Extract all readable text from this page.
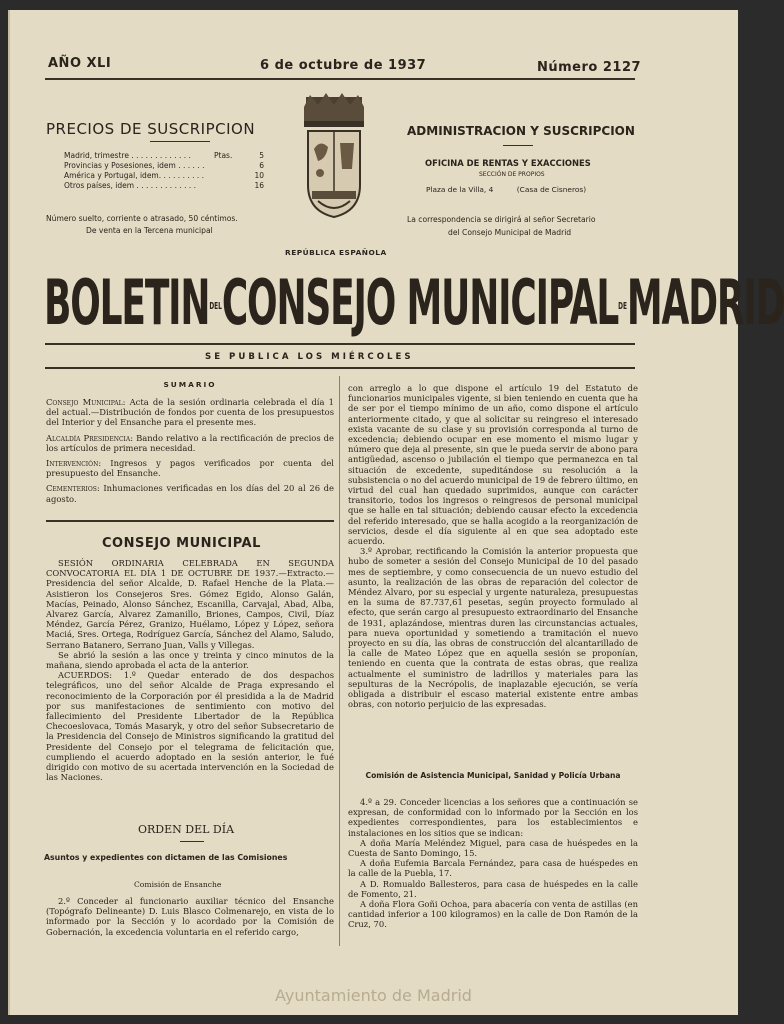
AÑO XLI	6 de octubre de 1937	Número 2127
PRECIOS DE SUSCRIPCION
Madrid, trimestre . . . . . . . . . . . . .	Ptas.	5
Provincias y Posesiones, idem . . . . . .	6
América y Portugal, idem. . . . . . . . . .	10
Otros países, idem . . . . . . . . . . . . .	16
Número suelto, corriente o atrasado, 50 céntimos.
De venta en la Tercena municipal
ADMINISTRACION Y SUSCRIPCION
OFICINA DE RENTAS Y EXACCIONES
SECCIÓN DE PROPIOS
Plaza de la Villa, 4          (Casa de Cisneros)
La correspondencia se dirigirá al señor Secretario
del Consejo Municipal de Madrid
REPÚBLICA ESPAÑOLA
BOLETINDELCONSEJO MUNICIPALDEMADRID
SE PUBLICA LOS MIÉRCOLES
SUMARIO
Consejo Municipal: Acta de la sesión ordinaria celebrada el día 1 del actual.—Distribución de fondos por cuenta de los presupuestos del Interior y del Ensanche para el presente mes.
Alcaldía Presidencia: Bando relativo a la rectificación de precios de los artículos de primera necesidad.
Intervención: Ingresos y pagos verificados por cuenta del presupuesto del Ensanche.
Cementerios: Inhumaciones verificadas en los días del 20 al 26 de agosto.
CONSEJO MUNICIPAL

SESIÓN ORDINARIA CELEBRADA EN SEGUNDA CONVOCATORIA EL DÍA 1 DE OCTUBRE DE 1937.—Extracto.—Presidencia del señor Alcalde, D. Rafael Henche de la Plata.—Asistieron los Consejeros Sres. Gómez Egido, Alonso Galán, Macías, Peinado, Alonso Sánchez, Escanilla, Carvajal, Abad, Alba, Alvarez García, Alvarez Zamanillo, Briones, Campos, Civil, Díaz Méndez, García Pérez, Granizo, Huélamo, López y López, señora Maciá, Sres. Ortega, Rodríguez García, Sánchez del Alamo, Saludo, Serrano Batanero, Serrano Juan, Valls y Villegas.

Se abrió la sesión a las once y treinta y cinco minutos de la mañana, siendo aprobada el acta de la anterior.

ACUERDOS: 1.º Quedar enterado de dos despachos telegráficos, uno del señor Alcalde de Praga expresando el reconocimiento de la Corporación por él presidida a la de Madrid por sus manifestaciones de sentimiento con motivo del fallecimiento del Presidente Libertador de la República Checoeslovaca, Tomás Masaryk, y otro del señor Subsecretario de la Presidencia del Consejo de Ministros significando la gratitud del Presidente del Consejo por el telegrama de felicitación que, cumpliendo el acuerdo adoptado en la sesión anterior, le fué dirigido con motivo de su acertada intervención en la Sociedad de las Naciones.

ORDEN DEL DÍA
Asuntos y expedientes con dictamen de las Comisiones
Comisión de Ensanche

2.º Conceder al funcionario auxiliar técnico del Ensanche (Topógrafo Delineante) D. Luis Blasco Colmenarejo, en vista de lo informado por la Sección y lo acordado por la Comisión de Gobernación, la excedencia voluntaria en el referido cargo,

con arreglo a lo que dispone el artículo 19 del Estatuto de funcionarios municipales vigente, si bien teniendo en cuenta que ha de ser por el tiempo mínimo de un año, como dispone el artículo anteriormente citado, y que al solicitar su reingreso el interesado exista vacante de su clase y su provisión corresponda al turno de excedencia; debiendo ocupar en ese momento el mismo lugar y número que deja al presente, sin que le pueda servir de abono para antigüedad, ascenso o jubilación el tiempo que permanezca en tal situación de excedente, supeditándose su resolución a la subsistencia o no del acuerdo municipal de 19 de febrero último, en virtud del cual han quedado suprimidos, aunque con carácter transitorio, todos los ingresos o reingresos de personal municipal que se halle en tal situación; debiendo causar efecto la excedencia del referido interesado, que se halla acogido a la reorganización de servicios, desde el día siguiente al en que sea adoptado este acuerdo.

3.º Aprobar, rectificando la Comisión la anterior propuesta que hubo de someter a sesión del Consejo Municipal de 10 del pasado mes de septiembre, y como consecuencia de un nuevo estudio del asunto, la realización de las obras de reparación del colector de Méndez Alvaro, por su especial y urgente naturaleza, presupuestas en la suma de 87.737,61 pesetas, según proyecto formulado al efecto, que serán cargo al presupuesto extraordinario del Ensanche de 1931, aplazándose, mientras duren las circunstancias actuales, para nueva oportunidad y sometiendo a tramitación el nuevo proyecto en su día, las obras de construcción del alcantarillado de la calle de Mateo López que en aquella sesión se proponían, teniendo en cuenta que la contrata de estas obras, que realiza actualmente el suministro de ladrillos y materiales para las sepulturas de la Necrópolis, de inaplazable ejecución, se vería obligada a distribuir el escaso material existente entre ambas obras, con notorio perjuicio de las expresadas.

Comisión de Asistencia Municipal, Sanidad y Policía Urbana

4.º a 29. Conceder licencias a los señores que a continuación se expresan, de conformidad con lo informado por la Sección en los expedientes correspondientes, para los establecimientos e instalaciones en los sitios que se indican:

A doña María Meléndez Miguel, para casa de huéspedes en la Cuesta de Santo Domingo, 15.

A doña Eufemia Barcala Fernández, para casa de huéspedes en la calle de la Puebla, 17.

A D. Romualdo Ballesteros, para casa de huéspedes en la calle de Fomento, 21.

A doña Flora Goñi Ochoa, para abacería con venta de astillas (en cantidad inferior a 100 kilogramos) en la calle de Don Ramón de la Cruz, 70.

Ayuntamiento de Madrid
